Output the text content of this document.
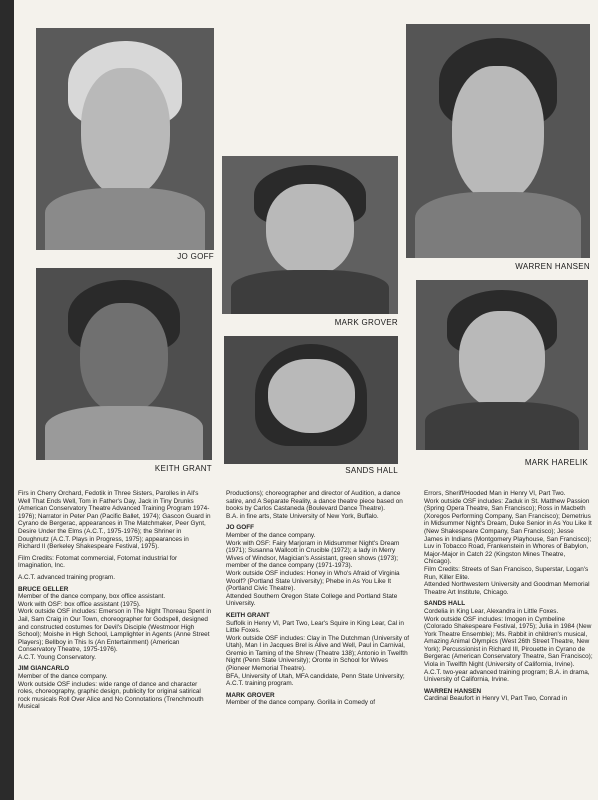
JO GOFF
MARK GROVER
WARREN HANSEN
KEITH GRANT	SANDS HALL
MARK HARELIK

Firs in Cherry Orchard, Fedotik in Three Sisters, Parolles in All's Well That Ends Well, Tom in Father's Day, Jack in Tiny Drunks (American Conservatory Theatre Advanced Training Program 1974-1976); Narrator in Peter Pan (Pacific Ballet, 1974); Gascon Guard in Cyrano de Bergerac, appearances in The Matchmaker, Peer Gynt, Desire Under the Elms (A.C.T., 1975-1976); the Shriner in Doughnutz (A.C.T. Plays in Progress, 1975); appearances in Richard II (Berkeley Shakespeare Festival, 1975).

Film Credits: Fotomat commercial, Fotomat industrial for Imagination, Inc.

A.C.T. advanced training program.

BRUCE GELLER

Member of the dance company, box office assistant.

Work with OSF: box office assistant (1975).

Work outside OSF includes: Emerson in The Night Thoreau Spent in Jail, Sam Craig in Our Town, choreographer for Godspell, designed and constructed costumes for Devil's Disciple (Westmoor High School); Moishe in High School, Lamplighter in Agents (Anne Street Players); Bellboy in This Is (An Entertainment) (American Conservatory Theatre, 1975-1976).

A.C.T. Young Conservatory.

JIM GIANCARLO

Member of the dance company.

Work outside OSF includes: wide range of dance and character roles, choreography, graphic design, publicity for original satirical rock musicals Roll Over Alice and No Connotations (Trenchmouth Musical

Productions); choreographer and director of Audition, a dance satire, and A Separate Reality, a dance theatre piece based on books by Carlos Castaneda (Boulevard Dance Theatre).

B.A. in fine arts, State University of New York, Buffalo.

JO GOFF

Member of the dance company.

Work with OSF: Fairy Marjoram in Midsummer Night's Dream (1971); Susanna Wallcott in Crucible (1972); a lady in Merry Wives of Windsor, Magician's Assistant, green shows (1973); member of the dance company (1971-1973).

Work outside OSF includes: Honey in Who's Afraid of Virginia Woolf? (Portland State University); Phebe in As You Like It (Portland Civic Theatre).

Attended Southern Oregon State College and Portland State University.

KEITH GRANT

Suffolk in Henry VI, Part Two, Lear's Squire in King Lear, Cal in Little Foxes.

Work outside OSF includes: Clay in The Dutchman (University of Utah), Man I in Jacques Brel is Alive and Well, Paul in Carnival, Gremio in Taming of the Shrew (Theatre 138); Antonio in Twelfth Night (Penn State University); Oronte in School for Wives (Pioneer Memorial Theatre).

BFA, University of Utah, MFA candidate, Penn State University; A.C.T. training program.

MARK GROVER

Member of the dance company. Gorilla in Comedy of

Errors, Sheriff/Hooded Man in Henry VI, Part Two.

Work outside OSF includes: Zaduk in St. Matthew Passion (Spring Opera Theatre, San Francisco); Ross in Macbeth (Xoregos Performing Company, San Francisco); Demetrius in Midsummer Night's Dream, Duke Senior in As You Like It (New Shakespeare Company, San Francisco); Jesse James in Indians (Montgomery Playhouse, San Francisco); Luv in Tobacco Road, Frankenstein in Whores of Babylon, Major-Major in Catch 22 (Kingston Mines Theatre, Chicago).

Film Credits: Streets of San Francisco, Superstar, Logan's Run, Killer Elite.

Attended Northwestern University and Goodman Memorial Theatre Art Institute, Chicago.

SANDS HALL

Cordelia in King Lear, Alexandra in Little Foxes.

Work outside OSF includes: Imogen in Cymbeline (Colorado Shakespeare Festival, 1975); Julia in 1984 (New York Theatre Ensemble); Ms. Rabbit in children's musical, Amazing Animal Olympics (West 26th Street Theatre, New York); Percussionist in Richard III, Pirouette in Cyrano de Bergerac (American Conservatory Theatre, San Francisco); Viola in Twelfth Night (University of California, Irvine).

A.C.T. two-year advanced training program; B.A. in drama, University of California, Irvine.

WARREN HANSEN

Cardinal Beaufort in Henry VI, Part Two, Conrad in
